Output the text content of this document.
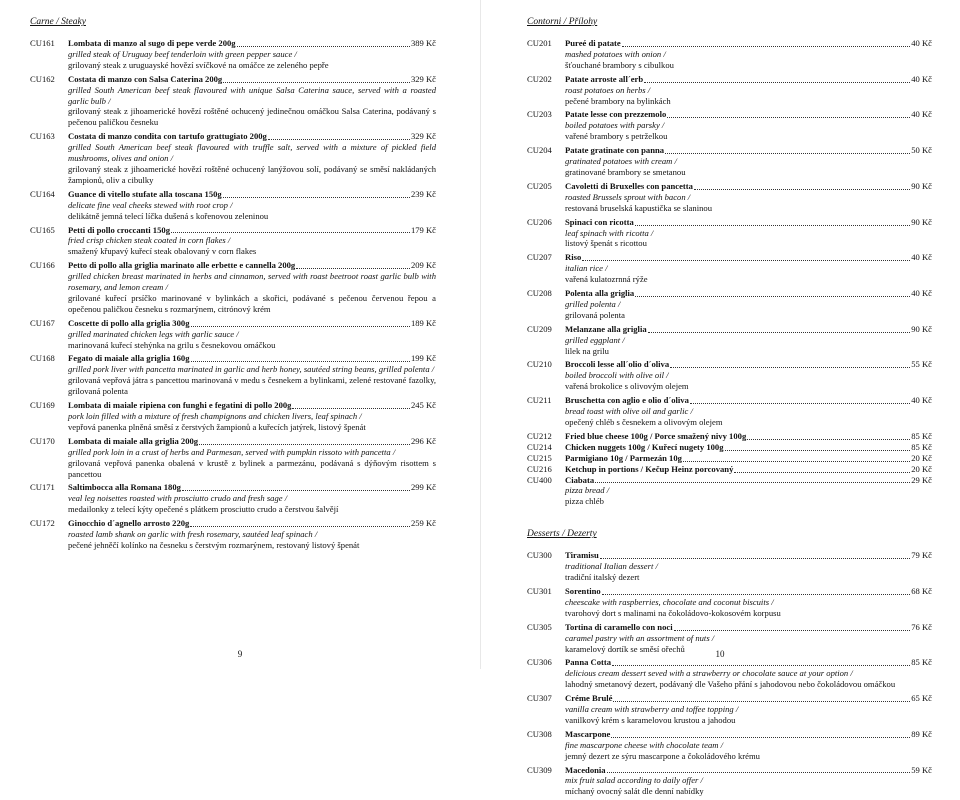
Carne / Steaky
CU161	Lombata di manzo al sugo di pepe verde 200g	389 Kč
grilled steak of Uruguay beef tenderloin with green pepper sauce /
grilovaný steak z uruguayské hovězí svíčkové na omáčce ze zeleného pepře
CU162	Costata di manzo con Salsa Caterina 200g	329 Kč
grilled South American beef steak flavoured with unique Salsa Caterina sauce, served with a roasted garlic bulb /
grilovaný steak z jihoamerické hovězí roštěné ochucený jedinečnou omáčkou Salsa Caterina, podávaný s pečenou paličkou česneku
CU163	Costata di manzo condita con tartufo grattugiato 200g	329 Kč
grilled South American beef steak flavoured with truffle salt, served with a mixture of pickled field mushrooms, olives and onion /
grilovaný steak z jihoamerické hovězí roštěné ochucený lanýžovou solí, podávaný se směsí nakládaných žampionů, oliv a cibulky
CU164	Guance di vitello stufate alla toscana 150g	239 Kč
delicate fine veal cheeks stewed with root crop /
delikátně jemná telecí líčka dušená s kořenovou zeleninou
CU165	Petti di pollo croccanti 150g	179 Kč
fried crisp chicken steak coated in corn flakes /
smažený křupavý kuřecí steak obalovaný v corn flakes
CU166	Petto di pollo alla griglia marinato alle erbette e cannella 200g	209 Kč
grilled chicken breast marinated in herbs and cinnamon, served with roast beetroot roast garlic bulb with rosemary, and lemon cream /
grilované kuřecí prsíčko marinované v bylinkách a skořici, podávané s pečenou červenou řepou a opečenou paličkou česneku s rozmarýnem, citrónový krém
CU167	Coscette di pollo alla griglia 300g	189 Kč
grilled marinated chicken legs with garlic sauce /
marinovaná kuřecí stehýnka na grilu s česnekovou omáčkou
CU168	Fegato di maiale alla griglia 160g	199 Kč
grilled pork liver with pancetta marinated in garlic and herb honey, sautéed string beans, grilled polenta /
grilovaná vepřová játra s pancettou marinovaná v medu s česnekem a bylinkami, zelené restované fazolky, grilovaná polenta
CU169	Lombata di maiale ripiena con funghi e fegatini di pollo 200g	245 Kč
pork loin filled with a mixture of fresh champignons and chicken livers, leaf spinach /
vepřová panenka plněná směsí z čerstvých žampionů a kuřecích jatýrek, listový špenát
CU170	Lombata di maiale alla griglia 200g	296 Kč
grilled pork loin in a crust of herbs and Parmesan, served with pumpkin rissoto with pancetta /
grilovaná vepřová panenka obalená v krustě z bylinek a parmezánu, podávaná s dýňovým risottem s pancettou
CU171	Saltimbocca alla Romana 180g	299 Kč
veal leg noisettes roasted with prosciutto crudo and fresh sage /
medailonky z telecí kýty opečené s plátkem prosciutto crudo a čerstvou šalvějí
CU172	Ginocchio d´agnello arrosto 220g	259 Kč
roasted lamb shank on garlic with fresh rosemary, sautéed leaf spinach /
pečené jehněčí kolínko na česneku s čerstvým rozmarýnem, restovaný listový špenát
9
Contorni / Přílohy
CU201	Pureé di patate	40 Kč
mashed potatoes with onion /
šťouchané brambory s cibulkou
CU202	Patate arroste all´erb	40 Kč
roast potatoes on herbs /
pečené brambory na bylinkách
CU203	Patate lesse con prezzemolo	40 Kč
boiled potatoes with parsky /
vařené brambory s petrželkou
CU204	Patate gratinate con panna	50 Kč
gratinated potatoes with cream /
gratinované brambory se smetanou
CU205	Cavoletti di Bruxelles con pancetta	90 Kč
roasted Brussels sprout with bacon /
restovaná bruselská kapustička se slaninou
CU206	Spinaci con ricotta	90 Kč
leaf spinach with ricotta /
listový špenát s ricottou
CU207	Riso	40 Kč
italian rice /
vařená kulatozrnná rýže
CU208	Polenta alla griglia	40 Kč
grilled polenta /
grilovaná polenta
CU209	Melanzane alla griglia	90 Kč
grilled eggplant /
lilek na grilu
CU210	Broccoli lesse all´olio d´oliva	55 Kč
boiled broccoli with olive oil /
vařená brokolice s olivovým olejem
CU211	Bruschetta con aglio e olio d´oliva	40 Kč
bread toast with olive oil and garlic /
opečený chléb s česnekem a olivovým olejem
CU212	Fried blue cheese 100g / Porce smažený nivy 100g	85 Kč
CU214	Chicken nuggets 100g / Kuřecí nugety 100g	85 Kč
CU215	Parmigiano 10g / Parmezán 10g	20 Kč
CU216	Ketchup in portions / Kečup Heinz porcovaný	20 Kč
CU400	Ciabata	29 Kč
pizza bread /
pizza chléb
Desserts / Dezerty
CU300	Tiramisu	79 Kč
traditional Italian dessert /
tradiční italský dezert
CU301	Sorentino	68 Kč
cheescake with raspberries, chocolate and coconut biscuits /
tvarohový dort s malinami na čokoládovo-kokosovém korpusu
CU305	Tortina di caramello con noci	76 Kč
caramel pastry with an assortment of nuts /
karamelový dortík se směsí ořechů
CU306	Panna Cotta	85 Kč
delicious cream dessert seved with a strawberry or chocolate sauce at your option /
lahodný smetanový dezert, podávaný dle Vašeho přání s jahodovou nebo čokoládovou omáčkou
CU307	Créme Brulé	65 Kč
vanilla cream with strawberry and toffee topping /
vanilkový krém s karamelovou krustou a jahodou
CU308	Mascarpone	89 Kč
fine mascarpone cheese with chocolate team /
jemný dezert ze sýru mascarpone a čokoládového krému
CU309	Macedonia	59 Kč
mix fruit salad according to daily offer /
míchaný ovocný salát dle denní nabídky
10
